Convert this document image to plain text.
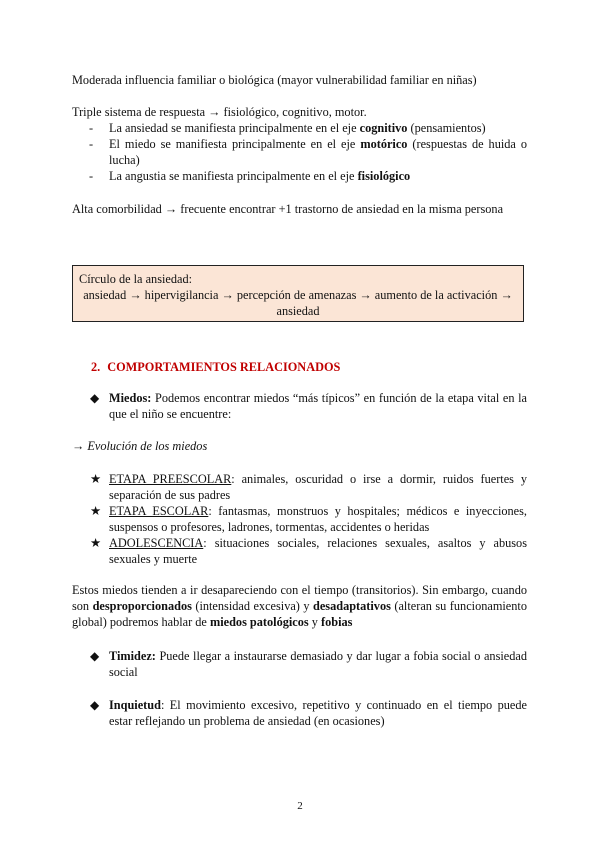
Moderada influencia familiar o biológica (mayor vulnerabilidad familiar en niñas)

Triple sistema de respuesta → fisiológico, cognitivo, motor.

- La ansiedad se manifiesta principalmente en el eje cognitivo (pensamientos)
- El miedo se manifiesta principalmente en el eje motórico (respuestas de huida o lucha)
- La angustia se manifiesta principalmente en el eje fisiológico

Alta comorbilidad → frecuente encontrar +1 trastorno de ansiedad en la misma persona

Círculo de la ansiedad:
ansiedad → hipervigilancia → percepción de amenazas → aumento de la activación → ansiedad
2. COMPORTAMIENTOS RELACIONADOS
◆ Miedos: Podemos encontrar miedos “más típicos” en función de la etapa vital en la que el niño se encuentre:

→ Evolución de los miedos

★ ETAPA PREESCOLAR: animales, oscuridad o irse a dormir, ruidos fuertes y separación de sus padres
★ ETAPA ESCOLAR: fantasmas, monstruos y hospitales; médicos e inyecciones, suspensos o profesores, ladrones, tormentas, accidentes o heridas
★ ADOLESCENCIA: situaciones sociales, relaciones sexuales, asaltos y abusos sexuales y muerte

Estos miedos tienden a ir desapareciendo con el tiempo (transitorios). Sin embargo, cuando son desproporcionados (intensidad excesiva) y desadaptativos (alteran su funcionamiento global) podremos hablar de miedos patológicos y fobias

◆ Timidez: Puede llegar a instaurarse demasiado y dar lugar a fobia social o ansiedad social
◆ Inquietud: El movimiento excesivo, repetitivo y continuado en el tiempo puede estar reflejando un problema de ansiedad (en ocasiones)
2
